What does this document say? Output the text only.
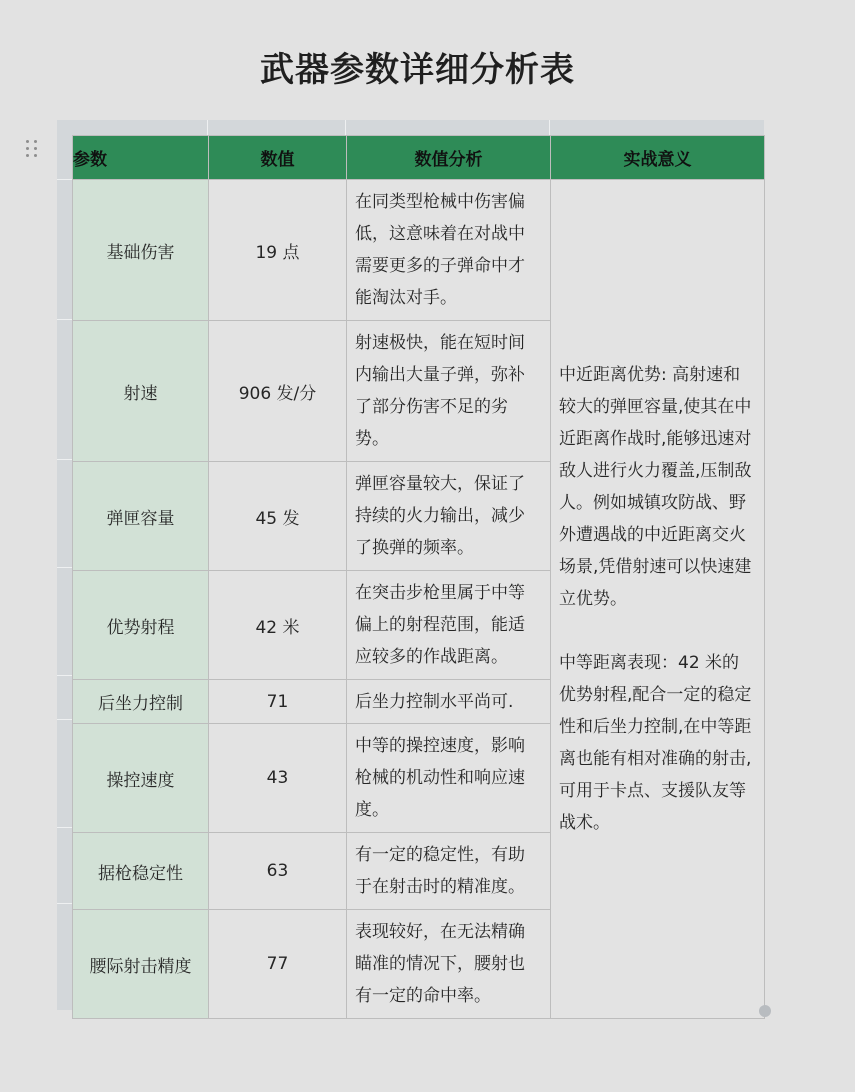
武器参数详细分析表
参数	数值	数值分析	实战意义
基础伤害	19 点	在同类型枪械中伤害偏低，这意味着在对战中需要更多的子弹命中才能淘汰对手。	中近距离优势: 高射速和较大的弹匣容量,使其在中近距离作战时,能够迅速对敌人进行火力覆盖,压制敌人。例如城镇攻防战、野外遭遇战的中近距离交火场景,凭借射速可以快速建立优势。

中等距离表现：42 米的优势射程,配合一定的稳定性和后坐力控制,在中等距离也能有相对准确的射击,可用于卡点、支援队友等战术。

射速	906 发/分	射速极快，能在短时间内输出大量子弹，弥补了部分伤害不足的劣势。	
弹匣容量	45 发	弹匣容量较大，保证了持续的火力输出，减少了换弹的频率。	
优势射程	42 米	在突击步枪里属于中等偏上的射程范围，能适应较多的作战距离。	
后坐力控制	71	后坐力控制水平尚可.	
操控速度	43	中等的操控速度，影响枪械的机动性和响应速度。	
据枪稳定性	63	有一定的稳定性，有助于在射击时的精准度。	
腰际射击精度	77	表现较好，在无法精确瞄准的情况下，腰射也有一定的命中率。	
